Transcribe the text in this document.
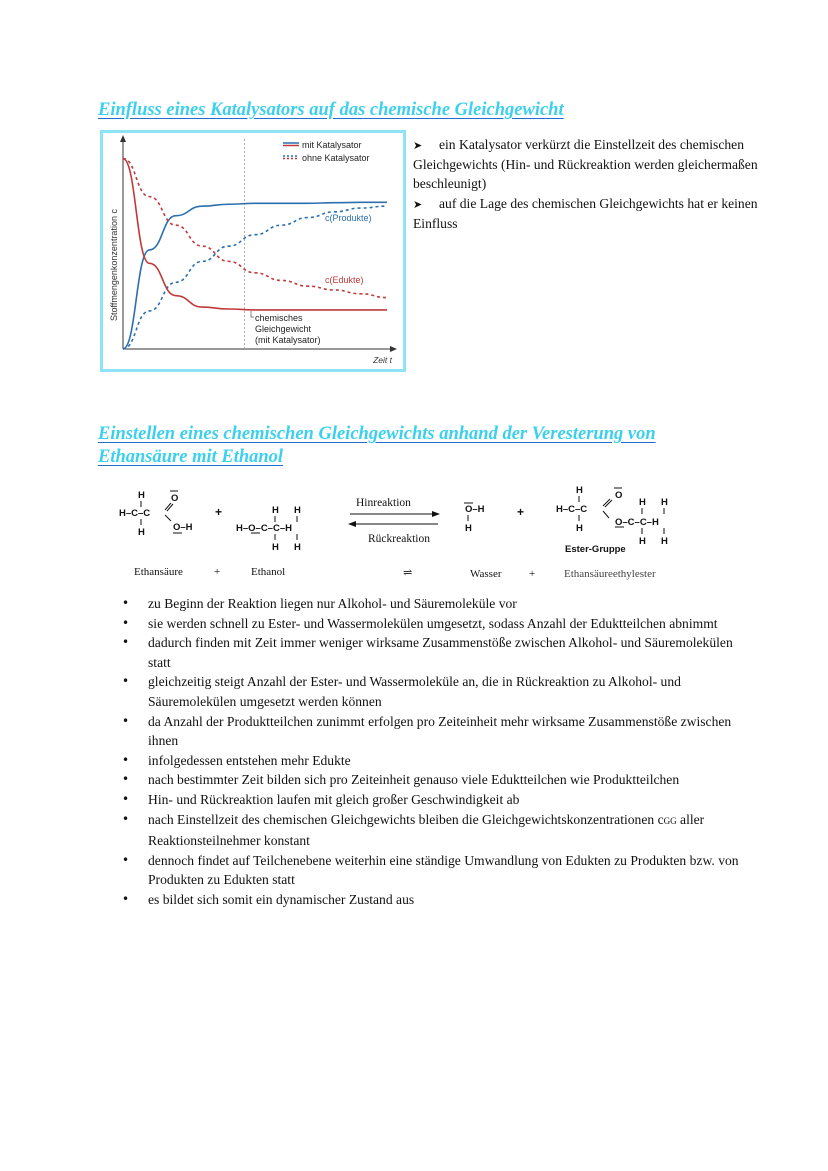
Einfluss eines Katalysators auf das chemische Gleichgewicht
Stoffmengenkonzentration c
Zeit t
mit Katalysator
ohne Katalysator
c(Produkte)
c(Edukte)
chemisches
Gleichgewicht
(mit Katalysator)
➤ ein Katalysator verkürzt die Einstellzeit des chemischen Gleichgewichts (Hin- und Rückreaktion werden gleichermaßen beschleunigt)
➤ auf die Lage des chemischen Gleichgewichts hat er keinen Einfluss
Einstellen eines chemischen Gleichgewichts anhand der Veresterung von Ethansäure mit Ethanol
H
H–C–C
H
O
O–H
+	H H
H–O–C–C–H
H H
O–H
H
+
H
H–C–C
H
O
H H
O–C–C–H
H H
Hinreaktion
Rückreaktion
Ester-Gruppe
Ethansäure	+	Ethanol	⇌	Wasser	+	Ethansäureethylester
• zu Beginn der Reaktion liegen nur Alkohol- und Säuremoleküle vor
• sie werden schnell zu Ester- und Wassermolekülen umgesetzt, sodass Anzahl der Eduktteilchen abnimmt
• dadurch finden mit Zeit immer weniger wirksame Zusammenstöße zwischen Alkohol- und Säuremolekülen statt
• gleichzeitig steigt Anzahl der Ester- und Wassermoleküle an, die in Rückreaktion zu Alkohol- und Säuremolekülen umgesetzt werden können
• da Anzahl der Produktteilchen zunimmt erfolgen pro Zeiteinheit mehr wirksame Zusammenstöße zwischen ihnen
• infolgedessen entstehen mehr Edukte
• nach bestimmter Zeit bilden sich pro Zeiteinheit genauso viele Eduktteilchen wie Produktteilchen
• Hin- und Rückreaktion laufen mit gleich großer Geschwindigkeit ab
• nach Einstellzeit des chemischen Gleichgewichts bleiben die Gleichgewichtskonzentrationen cGG aller Reaktionsteilnehmer konstant
• dennoch findet auf Teilchenebene weiterhin eine ständige Umwandlung von Edukten zu Produkten bzw. von Produkten zu Edukten statt
• es bildet sich somit ein dynamischer Zustand aus
